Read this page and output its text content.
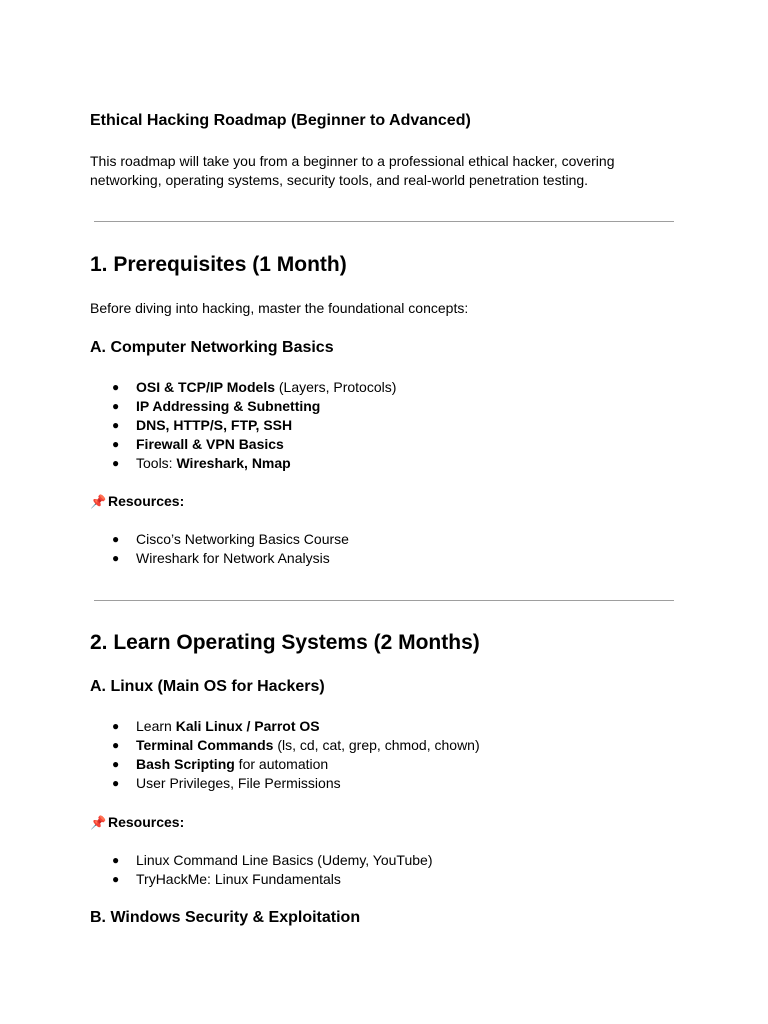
Ethical Hacking Roadmap (Beginner to Advanced)

This roadmap will take you from a beginner to a professional ethical hacker, covering networking, operating systems, security tools, and real-world penetration testing.

1. Prerequisites (1 Month)

Before diving into hacking, master the foundational concepts:

A. Computer Networking Basics
● OSI & TCP/IP Models (Layers, Protocols)
● IP Addressing & Subnetting
● DNS, HTTP/S, FTP, SSH
● Firewall & VPN Basics
● Tools: Wireshark, Nmap

📌 Resources:

● Cisco’s Networking Basics Course
● Wireshark for Network Analysis
2. Learn Operating Systems (2 Months)
A. Linux (Main OS for Hackers)
● Learn Kali Linux / Parrot OS
● Terminal Commands (ls, cd, cat, grep, chmod, chown)
● Bash Scripting for automation
● User Privileges, File Permissions

📌 Resources:

● Linux Command Line Basics (Udemy, YouTube)
● TryHackMe: Linux Fundamentals
B. Windows Security & Exploitation
